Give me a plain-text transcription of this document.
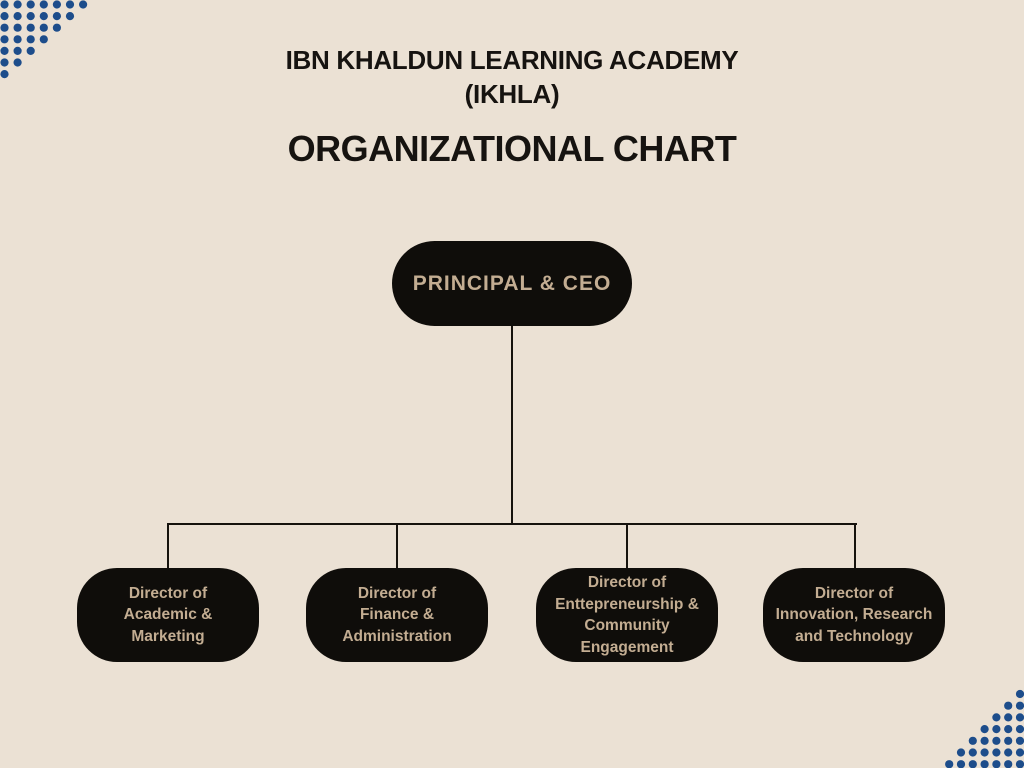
IBN KHALDUN LEARNING ACADEMY
(IKHLA)
ORGANIZATIONAL CHART
PRINCIPAL & CEO
Director of
Academic &
Marketing
Director of
Finance &
Administration
Director of
Enttepreneurship &
Community
Engagement
Director of
Innovation, Research
and Technology
